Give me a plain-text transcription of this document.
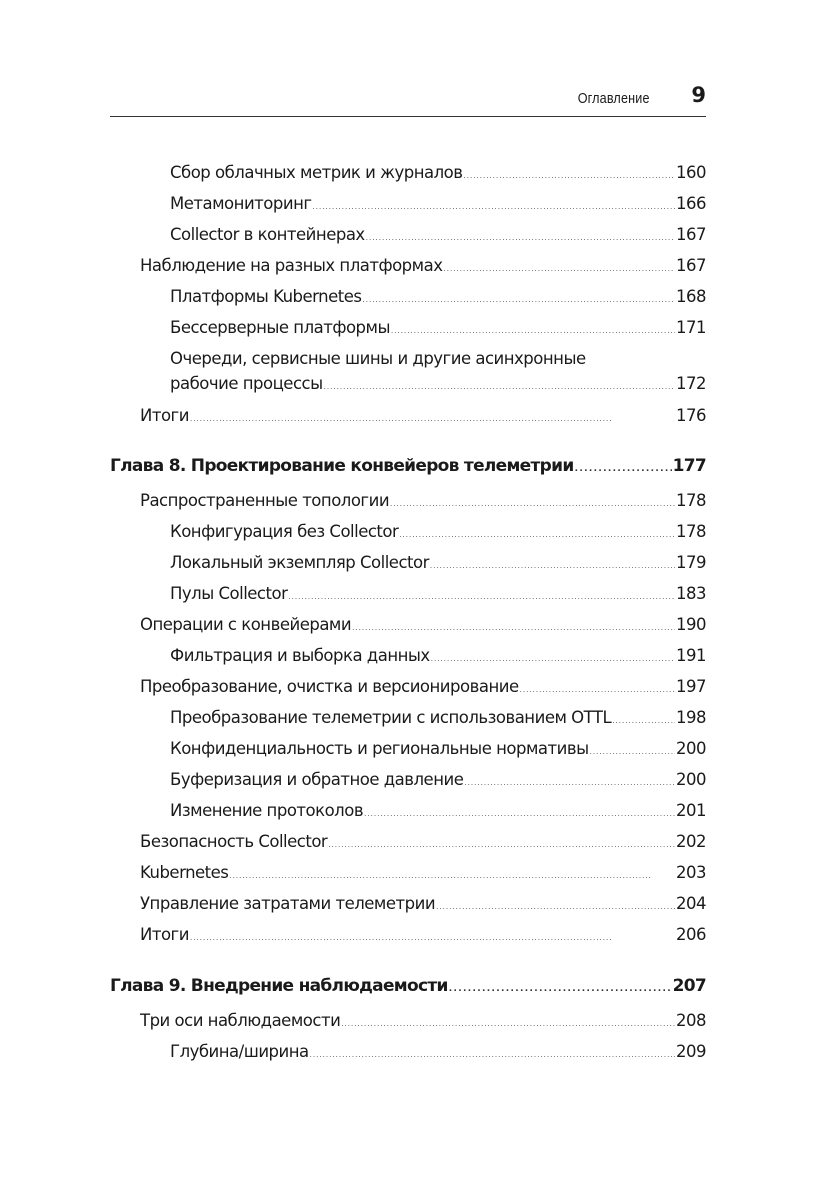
Оглавление 9
Сбор облачных метрик и журналов . . .	160
Метамониторинг . . .	166
Collector в контейнерах . . .	167
Наблюдение на разных платформах . . .	167
Платформы Kubernetes . . .	168
Бессерверные платформы . . .	171
Очереди, сервисные шины и другие асинхронные
рабочие процессы . . .	172
Итоги . . .	176
Глава 8. Проектирование конвейеров телеметрии . . .	177
Распространенные топологии . . .	178
Конфигурация без Collector . . .	178
Локальный экземпляр Collector . . .	179
Пулы Collector . . .	183
Операции с конвейерами . . .	190
Фильтрация и выборка данных . . .	191
Преобразование, очистка и версионирование . . .	197
Преобразование телеметрии с использованием OTTL . . .	198
Конфиденциальность и региональные нормативы . . .	200
Буферизация и обратное давление . . .	200
Изменение протоколов . . .	201
Безопасность Collector . . .	202
Kubernetes . . .	203
Управление затратами телеметрии . . .	204
Итоги . . .	206
Глава 9. Внедрение наблюдаемости . . .	207
Три оси наблюдаемости . . .	208
Глубина/ширина . . .	209
